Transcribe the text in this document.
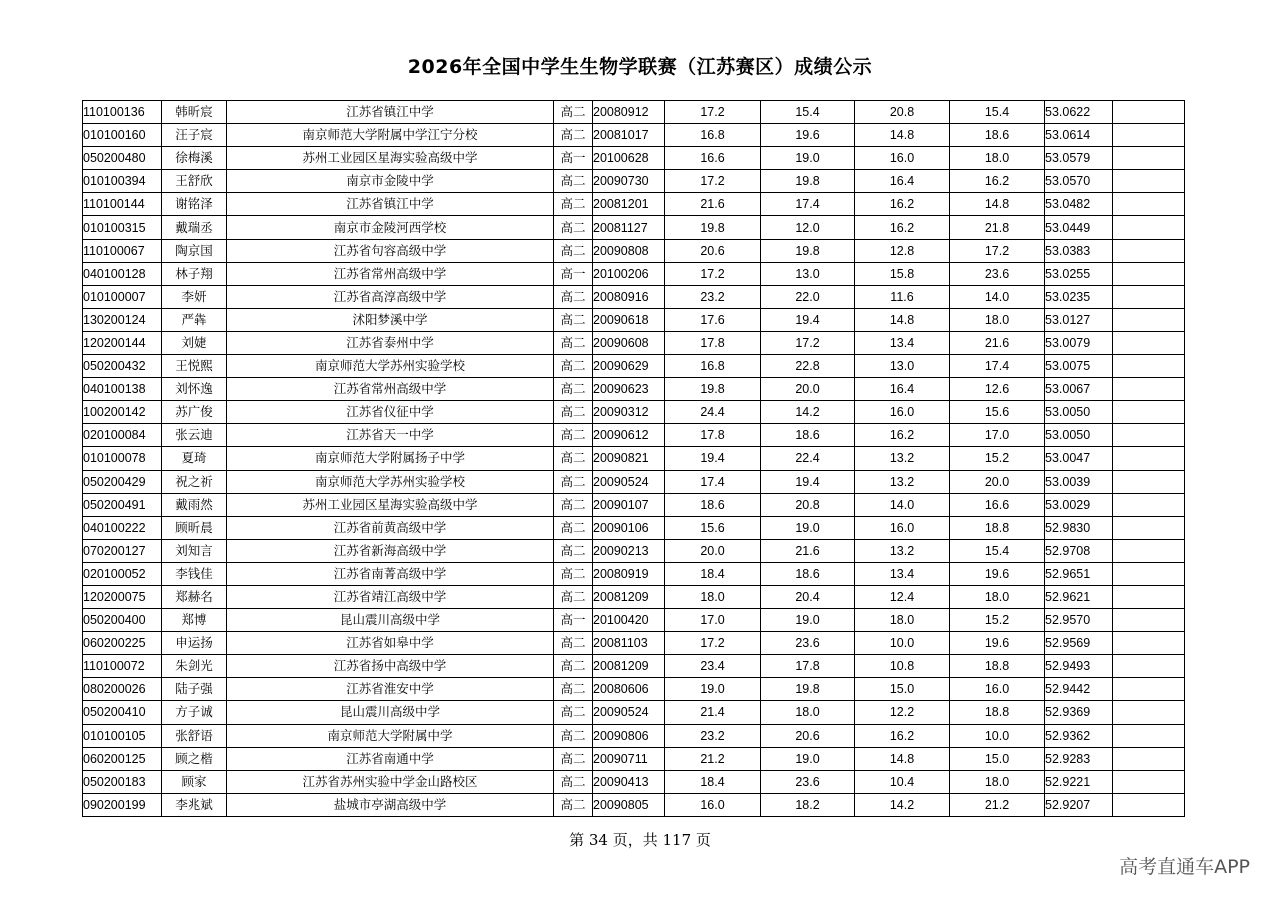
2026年全国中学生生物学联赛（江苏赛区）成绩公示
110100136	韩昕宸	江苏省镇江中学	高二	20080912	17.2	15.4	20.8	15.4	53.0622	
010100160	汪子宸	南京师范大学附属中学江宁分校	高二	20081017	16.8	19.6	14.8	18.6	53.0614	
050200480	徐梅溪	苏州工业园区星海实验高级中学	高一	20100628	16.6	19.0	16.0	18.0	53.0579	
010100394	王舒欣	南京市金陵中学	高二	20090730	17.2	19.8	16.4	16.2	53.0570	
110100144	谢铭泽	江苏省镇江中学	高二	20081201	21.6	17.4	16.2	14.8	53.0482	
010100315	戴瑞丞	南京市金陵河西学校	高二	20081127	19.8	12.0	16.2	21.8	53.0449	
110100067	陶京国	江苏省句容高级中学	高二	20090808	20.6	19.8	12.8	17.2	53.0383	
040100128	林子翔	江苏省常州高级中学	高一	20100206	17.2	13.0	15.8	23.6	53.0255	
010100007	李妍	江苏省高淳高级中学	高二	20080916	23.2	22.0	11.6	14.0	53.0235	
130200124	严犇	沭阳梦溪中学	高二	20090618	17.6	19.4	14.8	18.0	53.0127	
120200144	刘婕	江苏省泰州中学	高二	20090608	17.8	17.2	13.4	21.6	53.0079	
050200432	王悦熙	南京师范大学苏州实验学校	高二	20090629	16.8	22.8	13.0	17.4	53.0075	
040100138	刘怀逸	江苏省常州高级中学	高二	20090623	19.8	20.0	16.4	12.6	53.0067	
100200142	苏广俊	江苏省仪征中学	高二	20090312	24.4	14.2	16.0	15.6	53.0050	
020100084	张云迪	江苏省天一中学	高二	20090612	17.8	18.6	16.2	17.0	53.0050	
010100078	夏琦	南京师范大学附属扬子中学	高二	20090821	19.4	22.4	13.2	15.2	53.0047	
050200429	祝之祈	南京师范大学苏州实验学校	高二	20090524	17.4	19.4	13.2	20.0	53.0039	
050200491	戴雨然	苏州工业园区星海实验高级中学	高二	20090107	18.6	20.8	14.0	16.6	53.0029	
040100222	顾昕晨	江苏省前黄高级中学	高二	20090106	15.6	19.0	16.0	18.8	52.9830	
070200127	刘知言	江苏省新海高级中学	高二	20090213	20.0	21.6	13.2	15.4	52.9708	
020100052	李钱佳	江苏省南菁高级中学	高二	20080919	18.4	18.6	13.4	19.6	52.9651	
120200075	郑赫名	江苏省靖江高级中学	高二	20081209	18.0	20.4	12.4	18.0	52.9621	
050200400	郑博	昆山震川高级中学	高一	20100420	17.0	19.0	18.0	15.2	52.9570	
060200225	申运扬	江苏省如皋中学	高二	20081103	17.2	23.6	10.0	19.6	52.9569	
110100072	朱剑光	江苏省扬中高级中学	高二	20081209	23.4	17.8	10.8	18.8	52.9493	
080200026	陆子强	江苏省淮安中学	高二	20080606	19.0	19.8	15.0	16.0	52.9442	
050200410	方子诚	昆山震川高级中学	高二	20090524	21.4	18.0	12.2	18.8	52.9369	
010100105	张舒语	南京师范大学附属中学	高二	20090806	23.2	20.6	16.2	10.0	52.9362	
060200125	顾之楷	江苏省南通中学	高二	20090711	21.2	19.0	14.8	15.0	52.9283	
050200183	顾家	江苏省苏州实验中学金山路校区	高二	20090413	18.4	23.6	10.4	18.0	52.9221	
090200199	李兆斌	盐城市亭湖高级中学	高二	20090805	16.0	18.2	14.2	21.2	52.9207	
第 34 页，共 117 页
高考直通车APP
